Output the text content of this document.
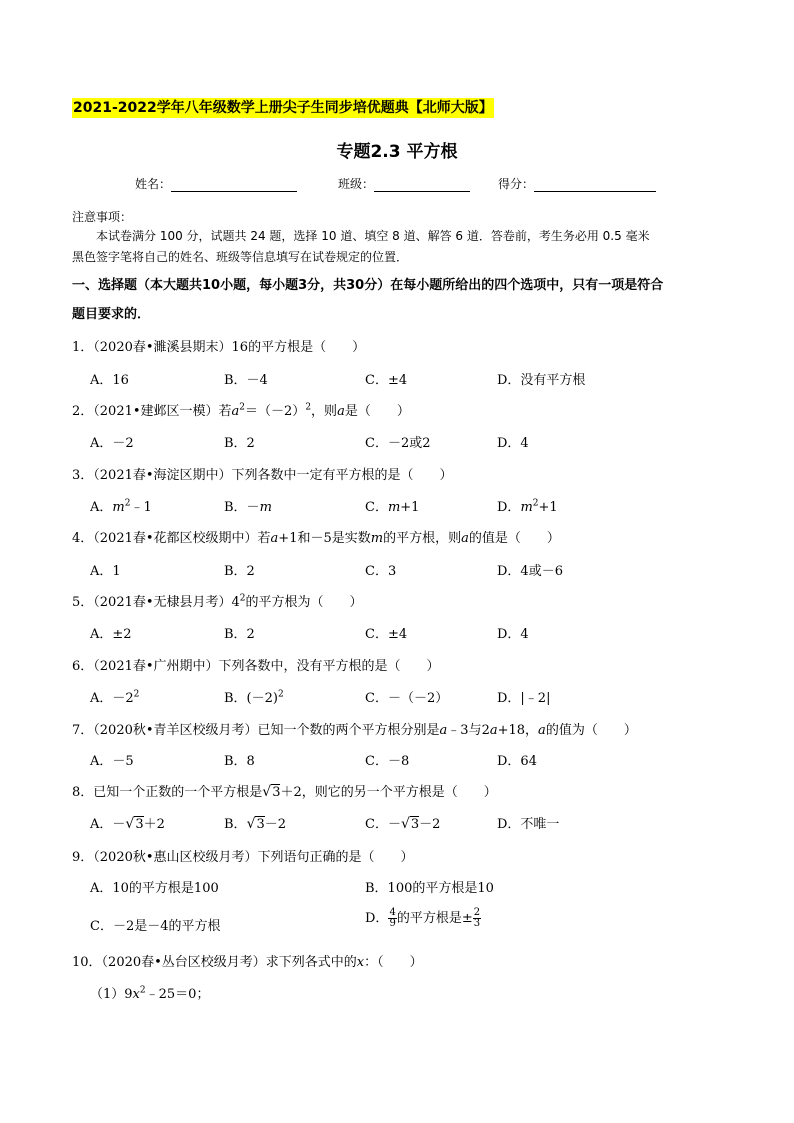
2021-2022学年八年级数学上册尖子生同步培优题典【北师大版】
专题2.3 平方根
姓名：	班级：	得分：
注意事项：
本试卷满分 100 分，试题共 24 题，选择 10 道、填空 8 道、解答 6 道．答卷前，考生务必用 0.5 毫米
黑色签字笔将自己的姓名、班级等信息填写在试卷规定的位置．
一、选择题（本大题共10小题，每小题3分，共30分）在每小题所给出的四个选项中，只有一项是符合
题目要求的．
1．（2020春•濉溪县期末）16的平方根是（　　）
A．16	B．－4	C．±4	D．没有平方根
2．（2021•建邺区一模）若$a^2=(-2)^2$，则a是（　　）
A．－2	B．2	C．－2或2	D．4
3．（2021春•海淀区期中）下列各数中一定有平方根的是（　　）
A．$m^2﹣1$	B．－m	C．m+1	D．$m^2+1$
4．（2021春•花都区校级期中）若a+1和－5是实数m的平方根，则a的值是（　　）
A．1	B．2	C．3	D．4或－6
5．（2021春•无棣县月考）$4^2$的平方根为（　　）
A．±2	B．2	C．±4	D．4
6．（2021春•广州期中）下列各数中，没有平方根的是（　　）
A．$-2^2$	B．$(-2)^2$	C．－（－2）	D．|﹣2|
7．（2020秋•青羊区校级月考）已知一个数的两个平方根分别是a﹣3与2a+18，a的值为（　　）
A．－5	B．8	C．－8	D．64
8．已知一个正数的一个平方根是√3＋2，则它的另一个平方根是（　　）
A．－√3＋2	B．√3－2	C．－√3－2	D．不唯一
9．（2020秋•惠山区校级月考）下列语句正确的是（　　）
A．10的平方根是100	B．100的平方根是10
C．－2是－4的平方根
D． $\frac{4}{9}$ 的平方根是± $\frac{2}{3}$
10．（2020春•丛台区校级月考）求下列各式中的x：（　　）
$(1)9x^2﹣25=0$；
